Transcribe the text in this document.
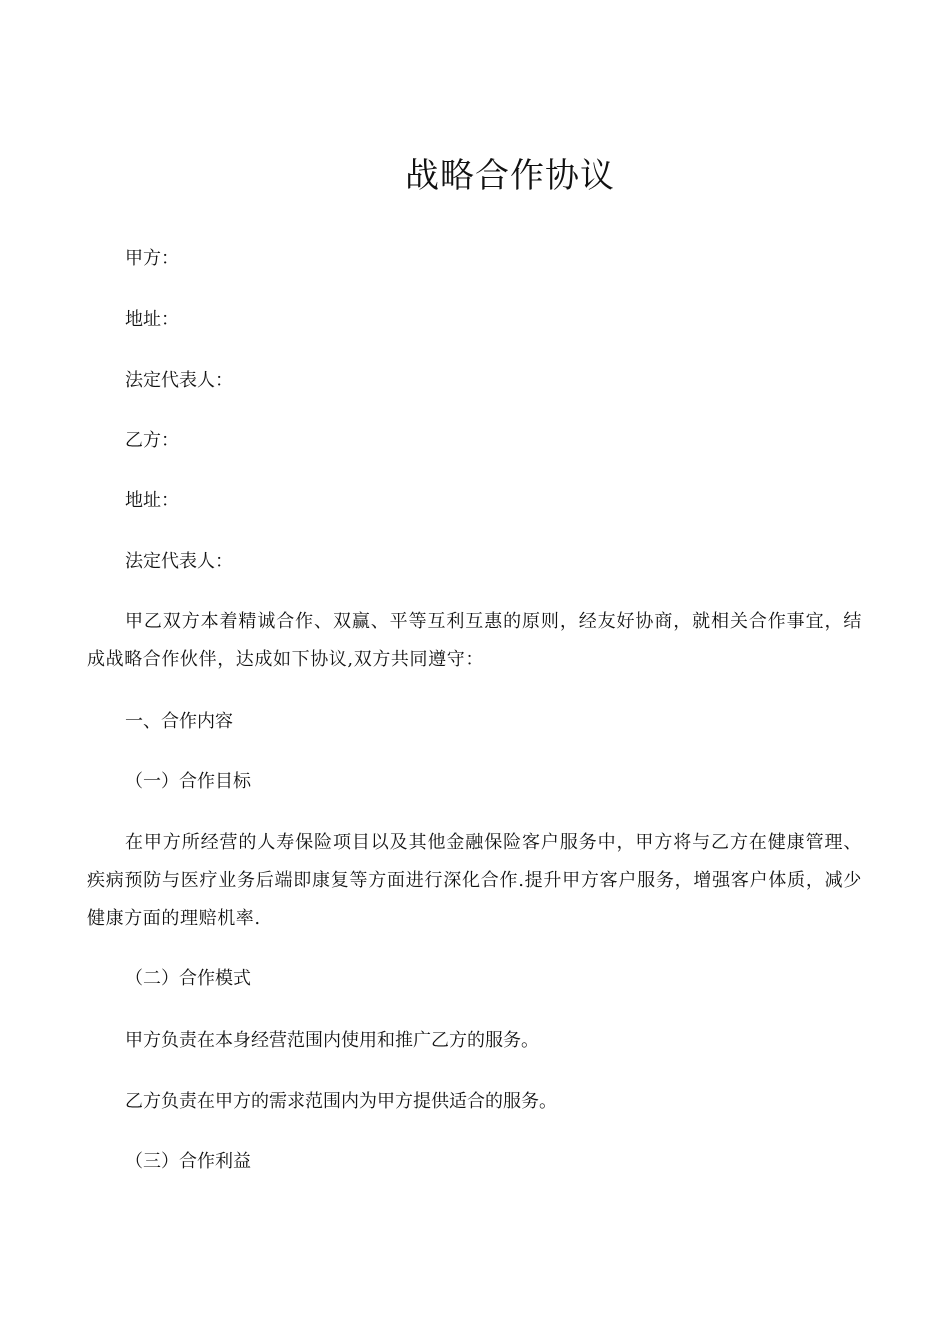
战略合作协议
甲方：
地址：
法定代表人：
乙方：
地址：
法定代表人：
甲乙双方本着精诚合作、双赢、平等互利互惠的原则，经友好协商，就相关合作事宜，结成战略合作伙伴，达成如下协议,双方共同遵守：
一、合作内容
（一）合作目标
在甲方所经营的人寿保险项目以及其他金融保险客户服务中，甲方将与乙方在健康管理、疾病预防与医疗业务后端即康复等方面进行深化合作.提升甲方客户服务，增强客户体质，减少健康方面的理赔机率.
（二）合作模式
甲方负责在本身经营范围内使用和推广乙方的服务。
乙方负责在甲方的需求范围内为甲方提供适合的服务。
（三）合作利益
